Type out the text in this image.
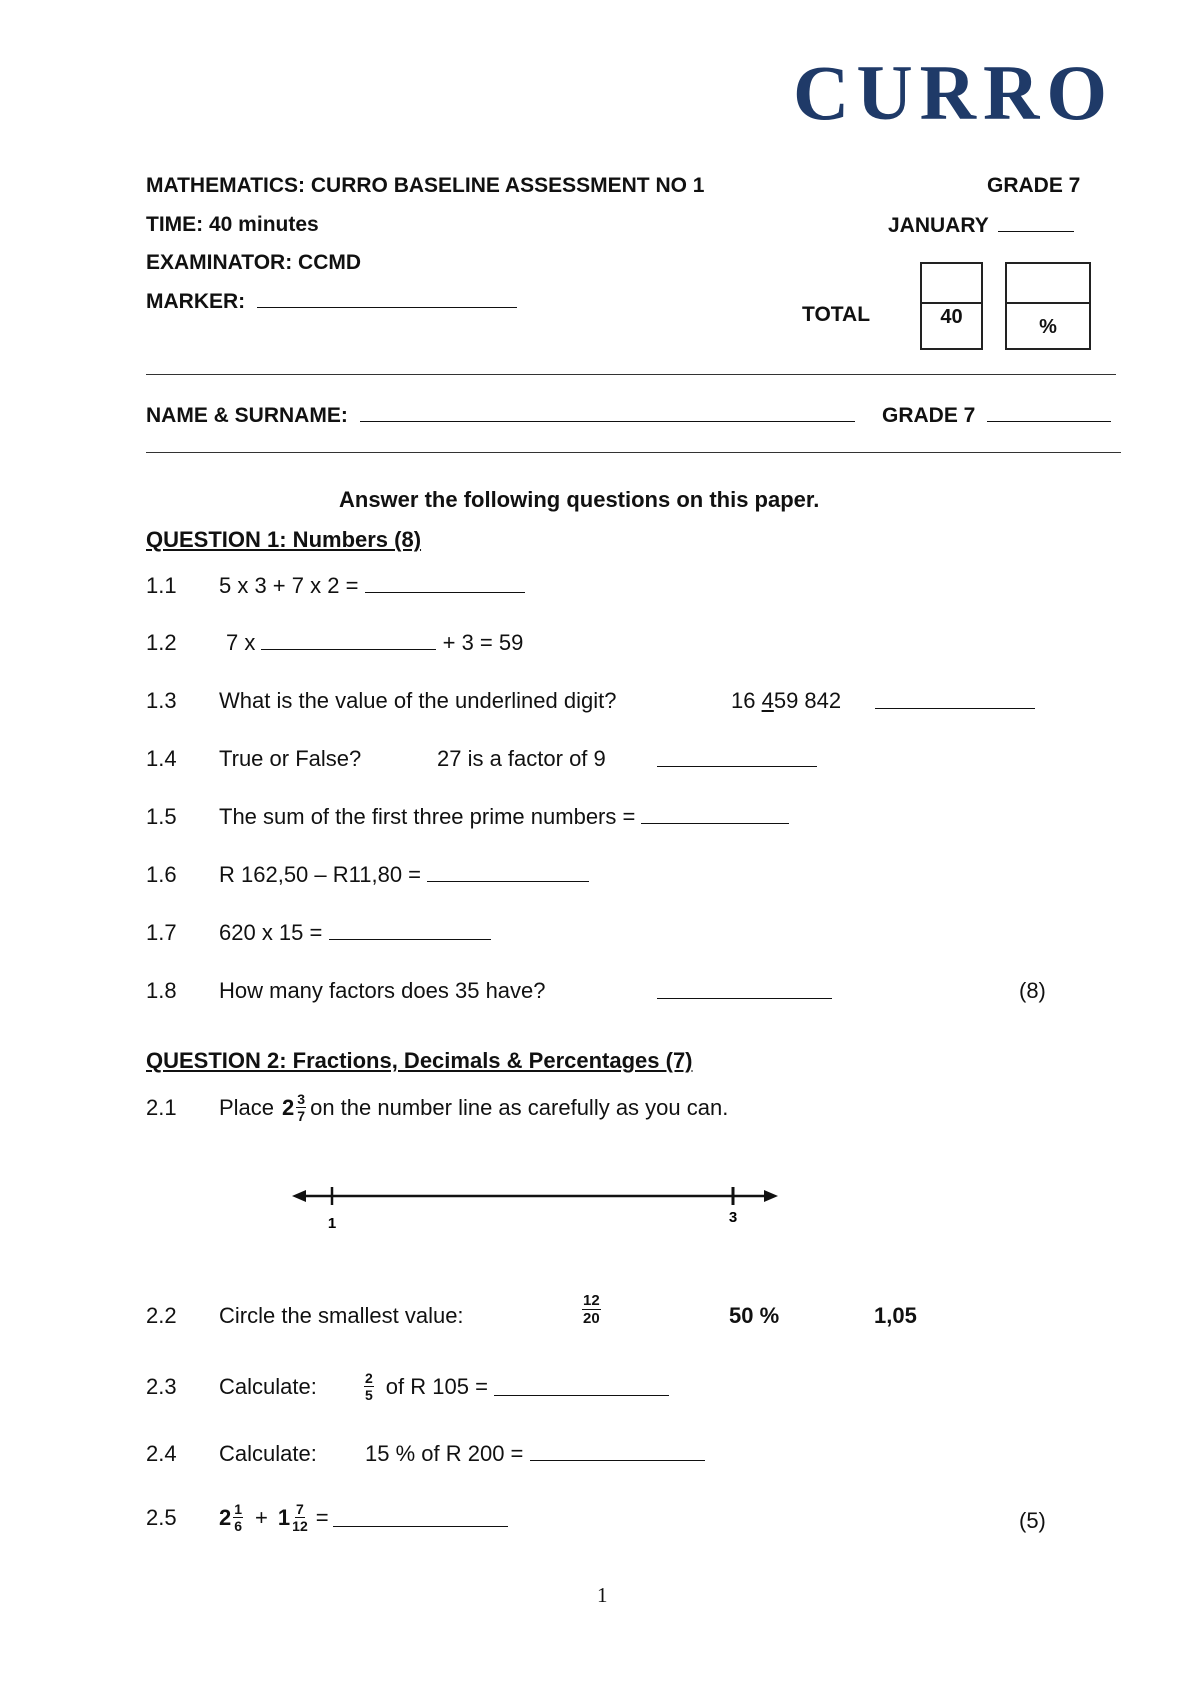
CURRO
MATHEMATICS: CURRO BASELINE ASSESSMENT NO 1	GRADE 7
TIME: 40 minutes	JANUARY
EXAMINATOR: CCMD
MARKER:
TOTAL	40	%
NAME & SURNAME:	GRADE 7
Answer the following questions on this paper.
QUESTION 1: Numbers (8)
1.1 5 x 3 + 7 x 2 =
1.2 7 x	+ 3 = 59
1.3 What is the value of the underlined digit?	16 459 842
1.4 True or False?	27 is a factor of 9
1.5 The sum of the first three prime numbers =
1.6 R 162,50 – R11,80 =
1.7 620 x 15 =
1.8 How many factors does 35 have?	(8)
QUESTION 2: Fractions, Decimals & Percentages (7)
2.1	Place $2 \frac{3}{7}$ on the number line as carefully as you can.
1	3
2.2 Circle the smallest value:	$\frac{12}{20}$	50 %	1,05
2.3	Calculate:	$\frac{2}{5}$ of R 105 =
2.4 Calculate: 15 % of R 200 =
2.5	$2 \frac{1}{6} + 1 \frac{7}{12}$ =	(5)
1
